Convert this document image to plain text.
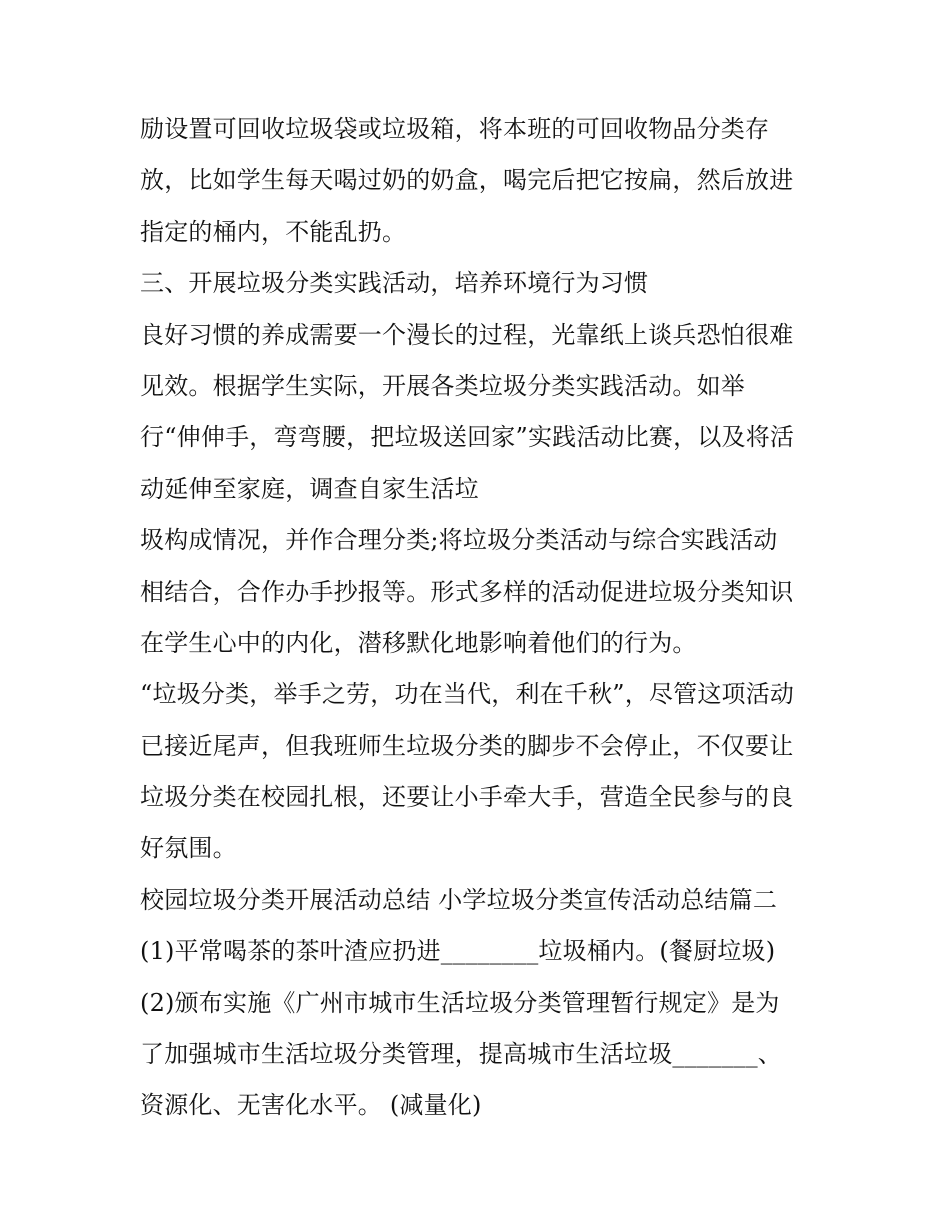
励设置可回收垃圾袋或垃圾箱，将本班的可回收物品分类存
放，比如学生每天喝过奶的奶盒，喝完后把它按扁，然后放进
指定的桶内，不能乱扔。
三、开展垃圾分类实践活动，培养环境行为习惯
良好习惯的养成需要一个漫长的过程，光靠纸上谈兵恐怕很难
见效。根据学生实际，开展各类垃圾分类实践活动。如举
行“伸伸手，弯弯腰，把垃圾送回家”实践活动比赛，以及将活
动延伸至家庭，调查自家生活垃
圾构成情况，并作合理分类;将垃圾分类活动与综合实践活动
相结合，合作办手抄报等。形式多样的活动促进垃圾分类知识
在学生心中的内化，潜移默化地影响着他们的行为。
“垃圾分类，举手之劳，功在当代，利在千秋”，尽管这项活动
已接近尾声，但我班师生垃圾分类的脚步不会停止，不仅要让
垃圾分类在校园扎根，还要让小手牵大手，营造全民参与的良
好氛围。
校园垃圾分类开展活动总结 小学垃圾分类宣传活动总结篇二
(1)平常喝茶的茶叶渣应扔进________垃圾桶内。(餐厨垃圾)
(2)颁布实施《广州市城市生活垃圾分类管理暂行规定》是为
了加强城市生活垃圾分类管理，提高城市生活垃圾_______、
资源化、无害化水平。 (减量化)
